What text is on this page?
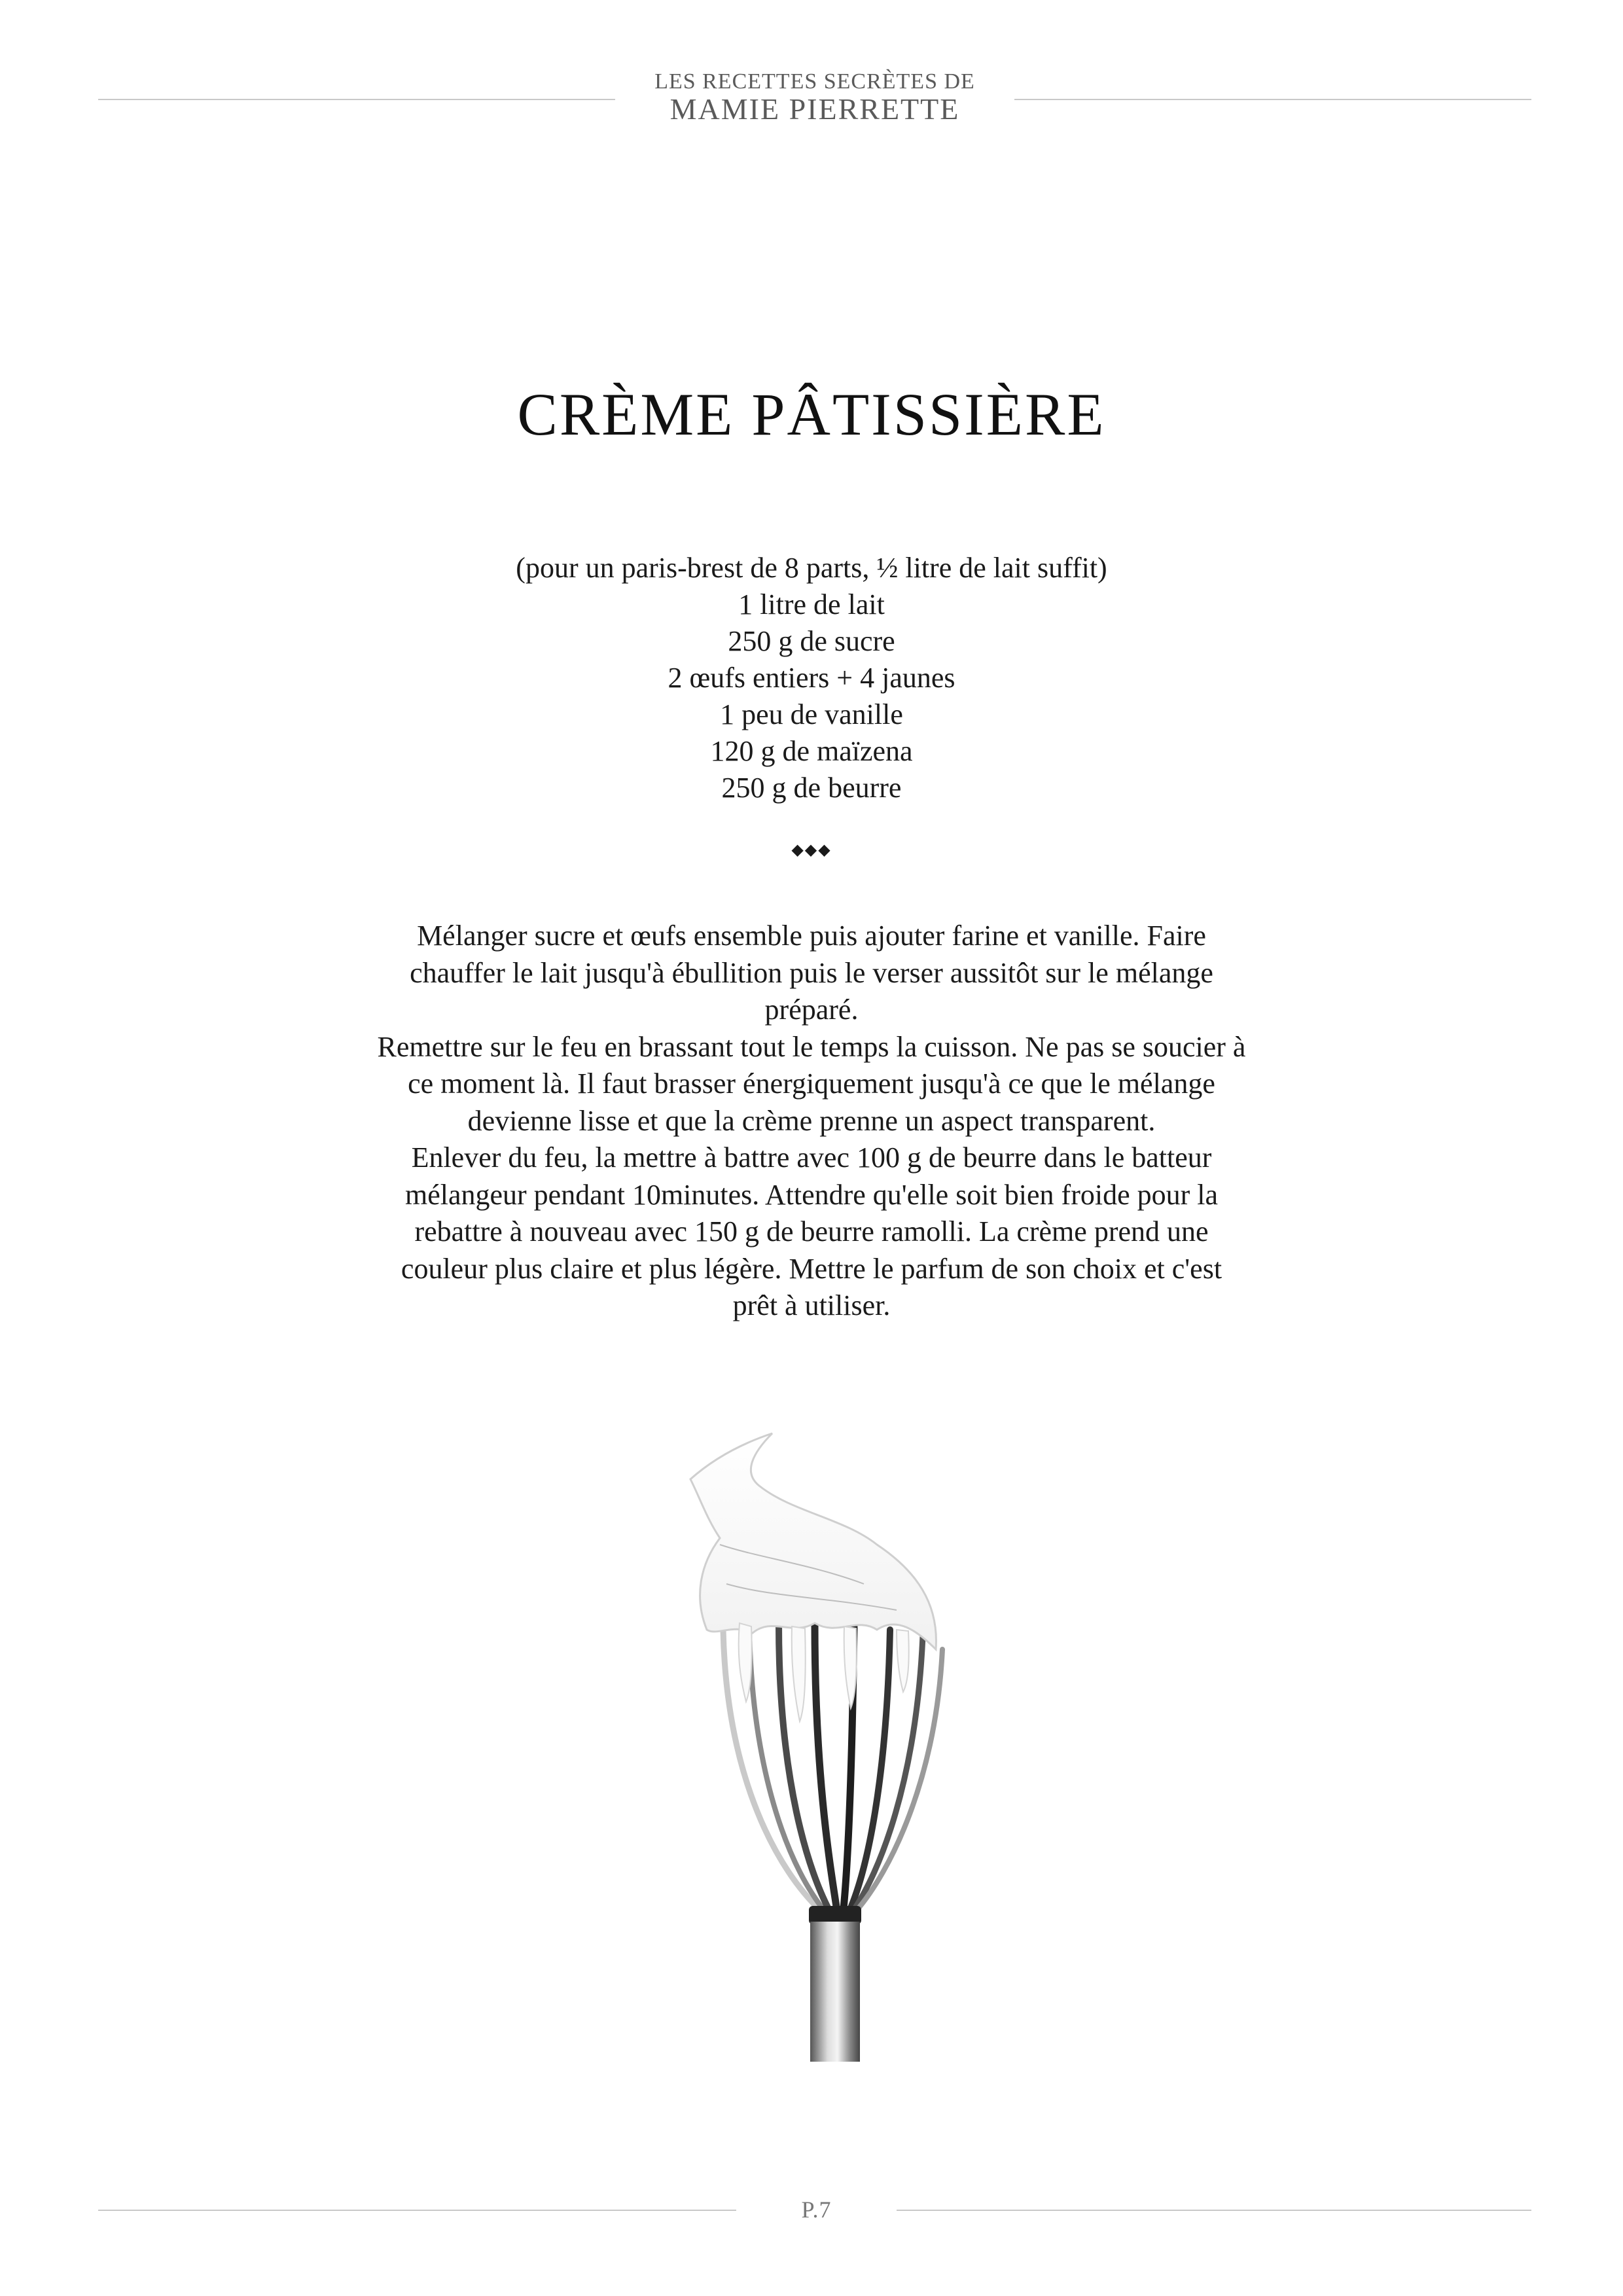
LES RECETTES SECRÈTES DE
MAMIE PIERRETTE
CRÈME PÂTISSIÈRE
(pour un paris-brest de 8 parts, ½ litre de lait suffit)
1 litre de lait
250 g de sucre
2 œufs entiers + 4 jaunes
1 peu de vanille
120 g de maïzena
250 g de beurre
◆◆◆

Mélanger sucre et œufs ensemble puis ajouter farine et vanille. Faire chauffer le lait jusqu'à ébullition puis le verser aussitôt sur le mélange préparé.

Remettre sur le feu en brassant tout le temps la cuisson. Ne pas se soucier à ce moment là. Il faut brasser énergiquement jusqu'à ce que le mélange devienne lisse et que la crème prenne un aspect transparent.

Enlever du feu, la mettre à battre avec 100 g de beurre dans le batteur mélangeur pendant 10minutes. Attendre qu'elle soit bien froide pour la rebattre à nouveau avec 150 g de beurre ramolli. La crème prend une couleur plus claire et plus légère. Mettre le parfum de son choix et c'est prêt à utiliser.

P.7
